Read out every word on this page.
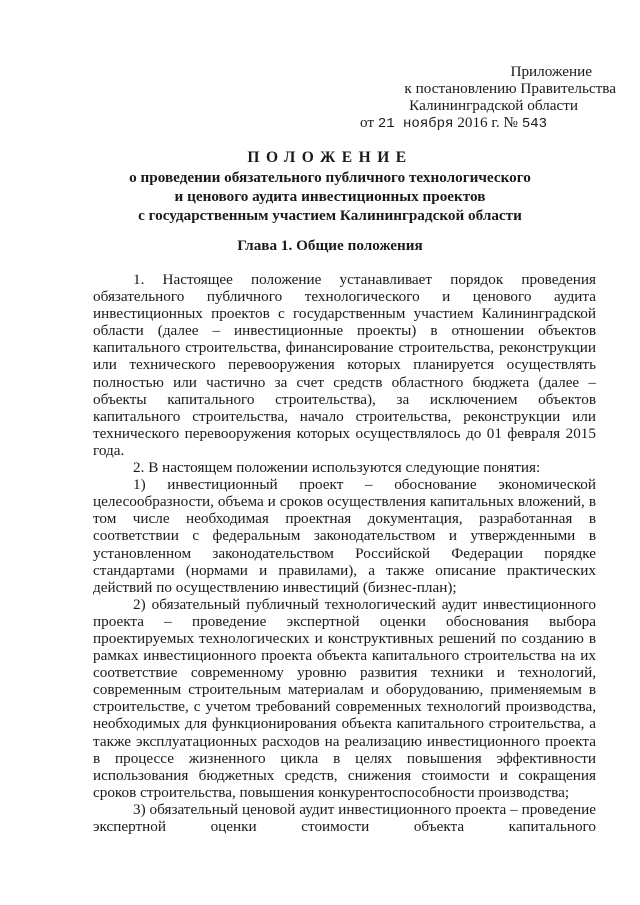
Приложение
к постановлению Правительства
Калининградской области
от 21 ноября 2016 г. № 543
ПОЛОЖЕНИЕ
о проведении обязательного публичного технологического
и ценового аудита инвестиционных проектов
с государственным участием Калининградской области
Глава 1. Общие положения

1. Настоящее положение устанавливает порядок проведения обязательного публичного технологического и ценового аудита инвестиционных проектов с государственным участием Калининградской области (далее – инвестиционные проекты) в отношении объектов капитального строительства, финансирование строительства, реконструкции или технического перевооружения которых планируется осуществлять полностью или частично за счет средств областного бюджета (далее – объекты капитального строительства), за исключением объектов капитального строительства, начало строительства, реконструкции или технического перевооружения которых осуществлялось до 01 февраля 2015 года.

2. В настоящем положении используются следующие понятия:

1) инвестиционный проект – обоснование экономической целесообразности, объема и сроков осуществления капитальных вложений, в том числе необходимая проектная документация, разработанная в соответствии с федеральным законодательством и утвержденными в установленном законодательством Российской Федерации порядке стандартами (нормами и правилами), а также описание практических действий по осуществлению инвестиций (бизнес-план);

2) обязательный публичный технологический аудит инвестиционного проекта – проведение экспертной оценки обоснования выбора проектируемых технологических и конструктивных решений по созданию в рамках инвестиционного проекта объекта капитального строительства на их соответствие современному уровню развития техники и технологий, современным строительным материалам и оборудованию, применяемым в строительстве, с учетом требований современных технологий производства, необходимых для функционирования объекта капитального строительства, а также эксплуатационных расходов на реализацию инвестиционного проекта в процессе жизненного цикла в целях повышения эффективности использования бюджетных средств, снижения стоимости и сокращения сроков строительства, повышения конкурентоспособности производства;

3) обязательный ценовой аудит инвестиционного проекта – проведение экспертной оценки стоимости объекта капитального
